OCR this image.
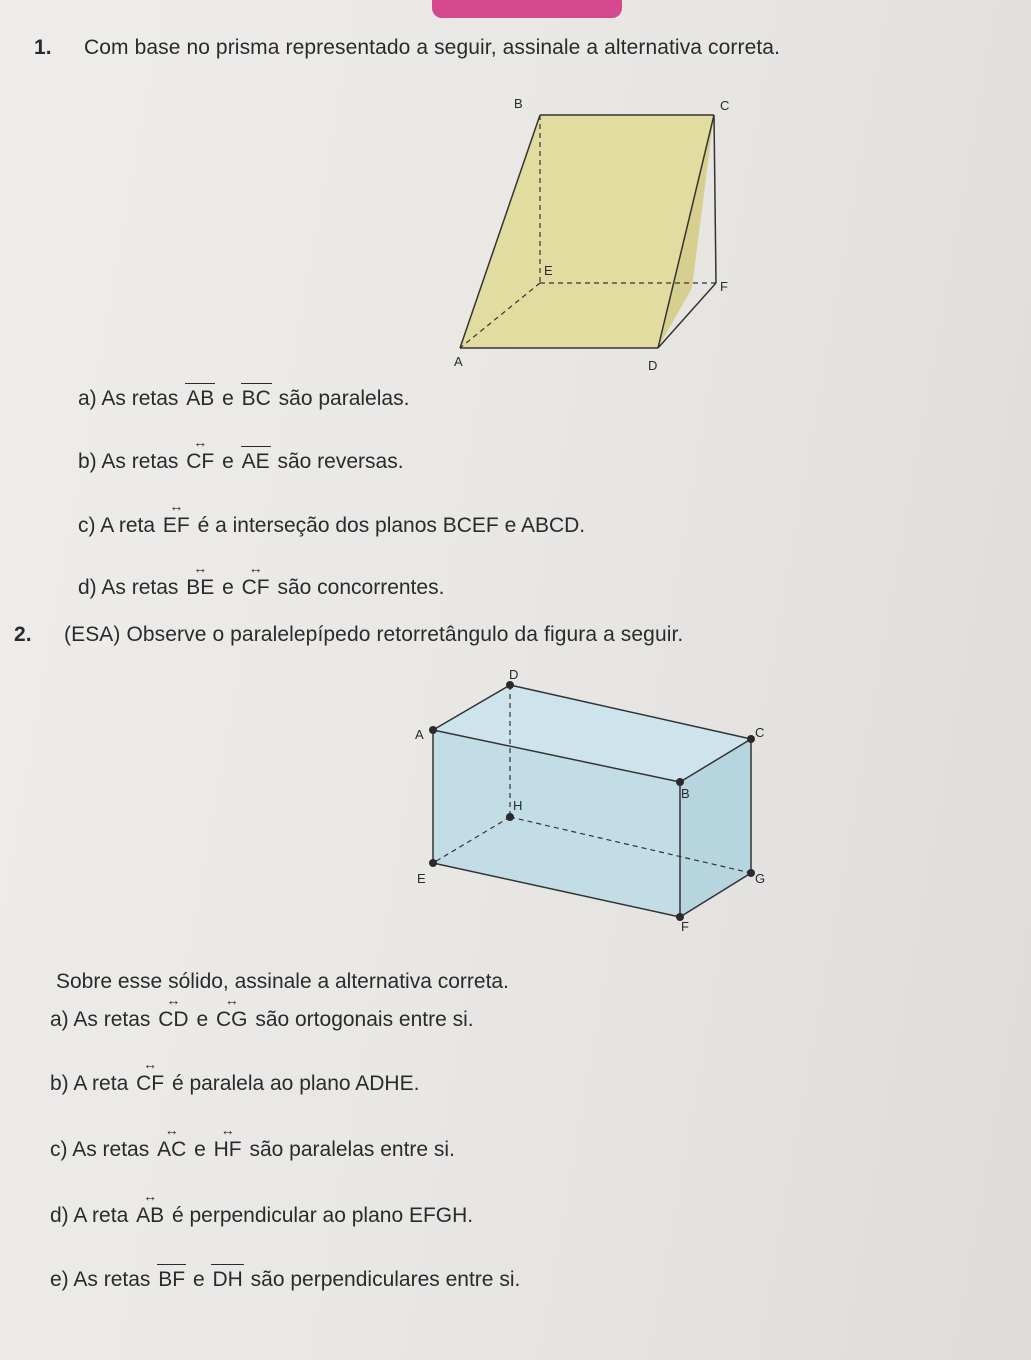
1. Com base no prisma representado a seguir, assinale a alternativa correta.
B	C
E
F
A	D
a) As retas AB e BC são paralelas.
b) As retas CF ↔ e AE são reversas.
c) A reta EF ↔ é a interseção dos planos BCEF e ABCD.
d) As retas BE ↔ e CF ↔ são concorrentes.
2. (ESA) Observe o paralelepípedo retorretângulo da figura a seguir.
D
A	C
B
H
E	G
F
Sobre esse sólido, assinale a alternativa correta.
a) As retas CD ↔ e CG ↔ são ortogonais entre si.
b) A reta CF ↔ é paralela ao plano ADHE.
c) As retas AC ↔ e HF ↔ são paralelas entre si.
d) A reta AB ↔ é perpendicular ao plano EFGH.
e) As retas BF e DH são perpendiculares entre si.
